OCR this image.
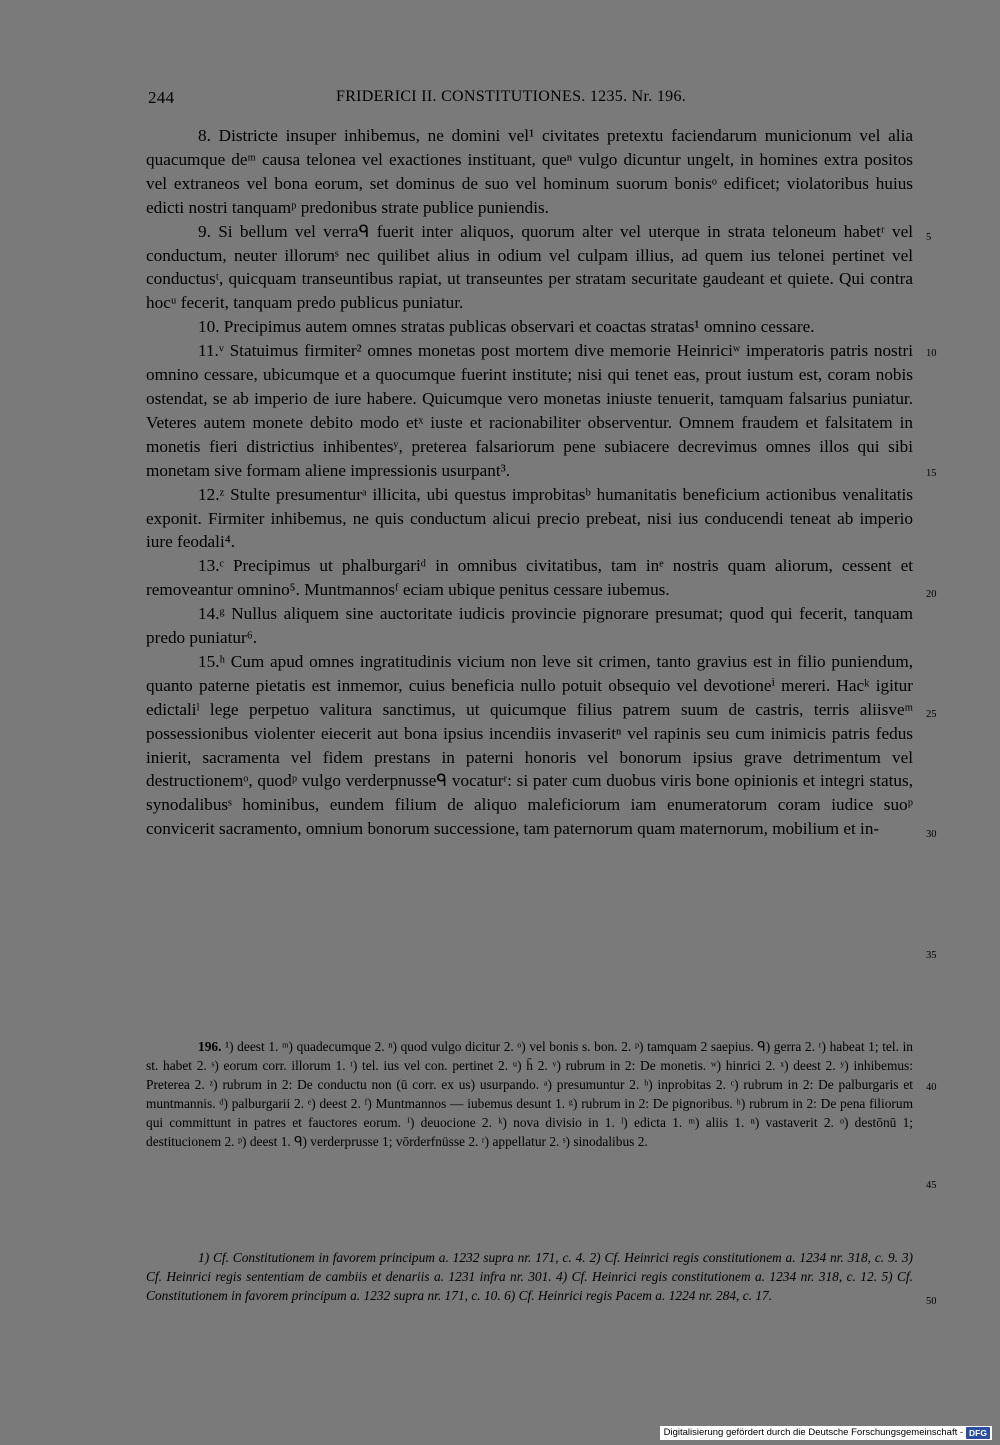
244	FRIDERICI II. CONSTITUTIONES. 1235. Nr. 196.

8. Districte insuper inhibemus, ne domini vel¹ civitates pretextu faciendarum municionum vel alia quacumque deᵐ causa telonea vel exactiones instituant, queⁿ vulgo dicuntur ungelt, in homines extra positos vel extraneos vel bona eorum, set dominus de suo vel hominum suorum bonisᵒ edificet; violatoribus huius edicti nostri tanquamᵖ predonibus strate publice puniendis.

9. Si bellum vel verraᑫ fuerit inter aliquos, quorum alter vel uterque in strata teloneum habetʳ vel conductum, neuter illorumˢ nec quilibet alius in odium vel culpam illius, ad quem ius telonei pertinet vel conductusᵗ, quicquam transeuntibus rapiat, ut transeuntes per stratam securitate gaudeant et quiete. Qui contra hocᵘ fecerit, tanquam predo publicus puniatur.

10. Precipimus autem omnes stratas publicas observari et coactas stratas¹ omnino cessare.

11.ᵛ Statuimus firmiter² omnes monetas post mortem dive memorie Heinriciʷ imperatoris patris nostri omnino cessare, ubicumque et a quocumque fuerint institute; nisi qui tenet eas, prout iustum est, coram nobis ostendat, se ab imperio de iure habere. Quicumque vero monetas iniuste tenuerit, tamquam falsarius puniatur. Veteres autem monete debito modo etˣ iuste et racionabiliter observentur. Omnem fraudem et falsitatem in monetis fieri districtius inhibentesʸ, preterea falsariorum pene subiacere decrevimus omnes illos qui sibi monetam sive formam aliene impressionis usurpant³.

12.ᶻ Stulte presumenturᵃ illicita, ubi questus improbitasᵇ humanitatis beneficium actionibus venalitatis exponit. Firmiter inhibemus, ne quis conductum alicui precio prebeat, nisi ius conducendi teneat ab imperio iure feodali⁴.

13.ᶜ Precipimus ut phalburgariᵈ in omnibus civitatibus, tam inᵉ nostris quam aliorum, cessent et removeantur omnino⁵. Muntmannosᶠ eciam ubique penitus cessare iubemus.

14.ᵍ Nullus aliquem sine auctoritate iudicis provincie pignorare presumat; quod qui fecerit, tanquam predo puniatur⁶.

15.ʰ Cum apud omnes ingratitudinis vicium non leve sit crimen, tanto gravius est in filio puniendum, quanto paterne pietatis est inmemor, cuius beneficia nullo potuit obsequio vel devotioneⁱ mereri. Hacᵏ igitur edictaliˡ lege perpetuo valitura sanctimus, ut quicumque filius patrem suum de castris, terris aliisveᵐ possessionibus violenter eiecerit aut bona ipsius incendiis invaseritⁿ vel rapinis seu cum inimicis patris fedus inierit, sacramenta vel fidem prestans in paterni honoris vel bonorum ipsius grave detrimentum vel destructionemᵒ, quodᵖ vulgo verderpnusseᑫ vocaturʳ: si pater cum duobus viris bone opinionis et integri status, synodalibusˢ hominibus, eundem filium de aliquo maleficiorum iam enumeratorum coram iudice suoᵖ convicerit sacramento, omnium bonorum successione, tam paternorum quam maternorum, mobilium et in-

5
10
15
20
25
30
35
40
45
50

196. ¹) deest 1. ᵐ) quadecumque 2. ⁿ) quod vulgo dicitur 2. ᵒ) vel bonis s. bon. 2. ᵖ) tamquam 2 saepius. ᑫ) gerra 2. ʳ) habeat 1; tel. in st. habet 2. ˢ) eorum corr. illorum 1. ᵗ) tel. ius vel con. pertinet 2. ᵘ) h̄ 2. ᵛ) rubrum in 2: De monetis. ʷ) hinrici 2. ˣ) deest 2. ʸ) inhibemus: Preterea 2. ᶻ) rubrum in 2: De conductu non (ū corr. ex us) usurpando. ᵃ) presumuntur 2. ᵇ) inprobitas 2. ᶜ) rubrum in 2: De palburgaris et muntmannis. ᵈ) palburgarii 2. ᵉ) deest 2. ᶠ) Muntmannos — iubemus desunt 1. ᵍ) rubrum in 2: De pignoribus. ʰ) rubrum in 2: De pena filiorum qui committunt in patres et fauctores eorum. ⁱ) deuocione 2. ᵏ) nova divisio in 1. ˡ) edicta 1. ᵐ) aliis 1. ⁿ) vastaverit 2. ᵒ) destōnū 1; destitucionem 2. ᵖ) deest 1. ᑫ) verderprusse 1; vōrderfnüsse 2. ʳ) appellatur 2. ˢ) sinodalibus 2.

1) Cf. Constitutionem in favorem principum a. 1232 supra nr. 171, c. 4. 2) Cf. Heinrici regis constitutionem a. 1234 nr. 318, c. 9. 3) Cf. Heinrici regis sententiam de cambiis et denariis a. 1231 infra nr. 301. 4) Cf. Heinrici regis constitutionem a. 1234 nr. 318, c. 12. 5) Cf. Constitutionem in favorem principum a. 1232 supra nr. 171, c. 10. 6) Cf. Heinrici regis Pacem a. 1224 nr. 284, c. 17.

Digitalisierung gefördert durch die Deutsche Forschungsgemeinschaft - DFG
